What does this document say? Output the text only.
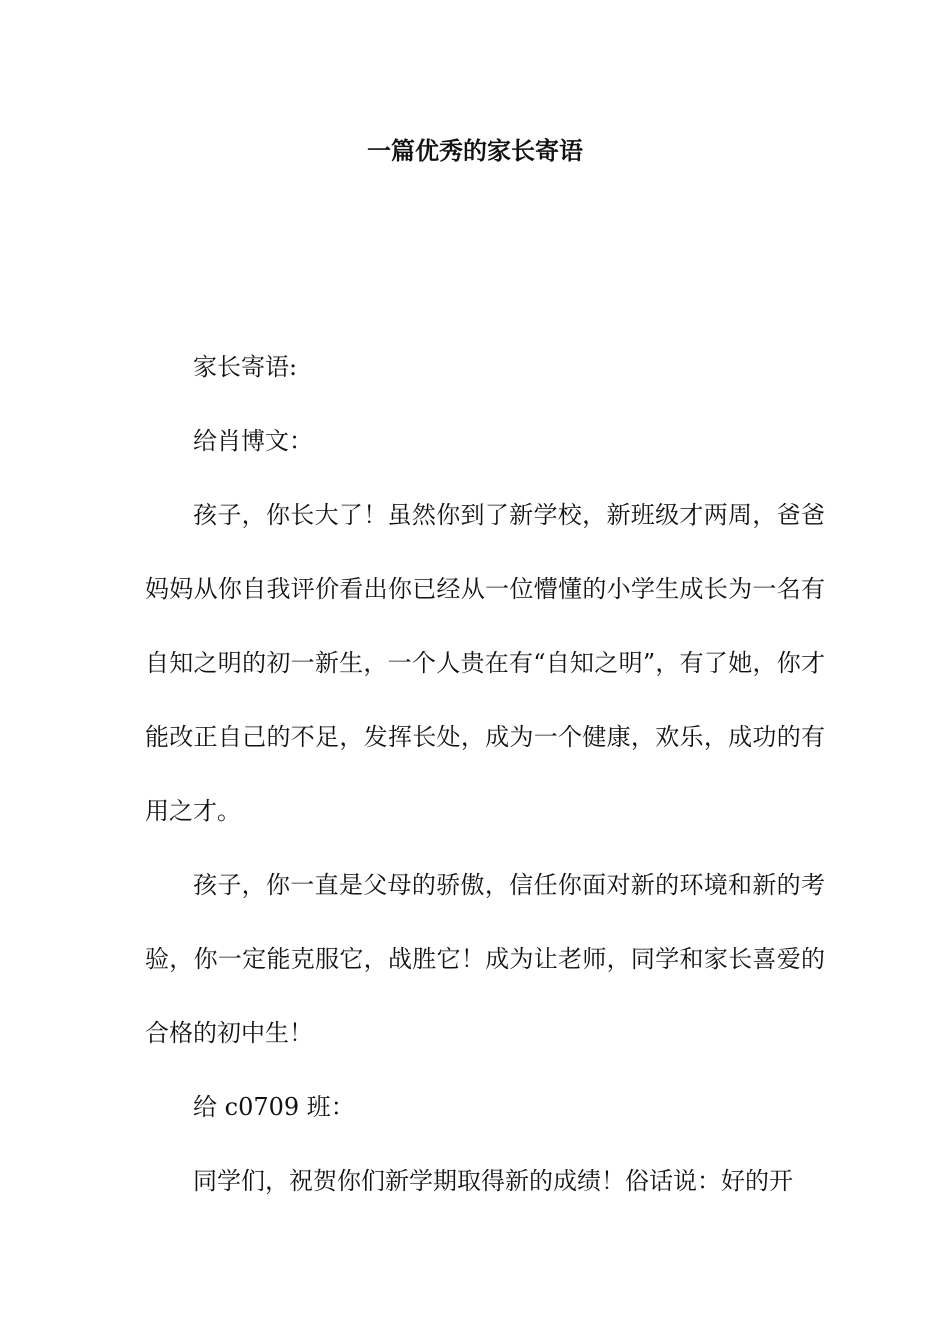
一篇优秀的家长寄语

家长寄语:

给肖博文：

孩子，你长大了！虽然你到了新学校，新班级才两周，爸爸妈妈从你自我评价看出你已经从一位懵懂的小学生成长为一名有自知之明的初一新生，一个人贵在有“自知之明”，有了她，你才能改正自己的不足，发挥长处，成为一个健康，欢乐，成功的有用之才。

孩子，你一直是父母的骄傲，信任你面对新的环境和新的考验，你一定能克服它，战胜它！成为让老师，同学和家长喜爱的合格的初中生！

给 c0709 班：

同学们，祝贺你们新学期取得新的成绩！俗话说：好的开
